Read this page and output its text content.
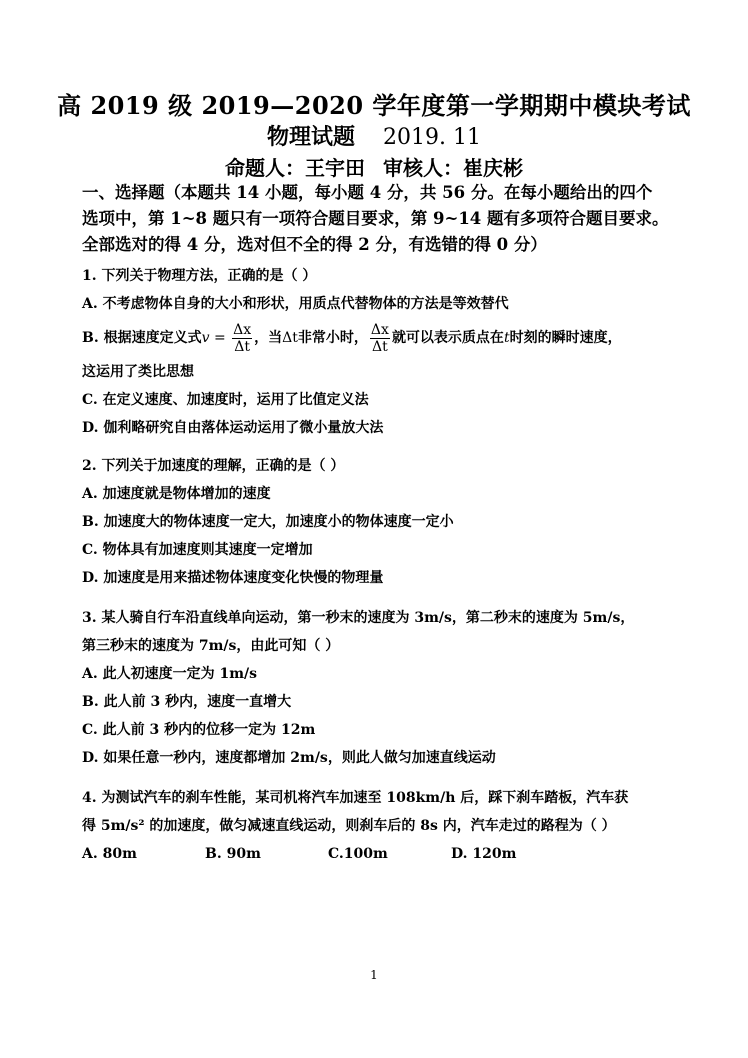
高 2019 级 2019—2020 学年度第一学期期中模块考试
物理试题 2019. 11
命题人：王宇田 审核人：崔庆彬
一、选择题（本题共 14 小题，每小题 4 分，共 56 分。在每小题给出的四个
选项中，第 1~8 题只有一项符合题目要求，第 9~14 题有多项符合题目要求。
全部选对的得 4 分，选对但不全的得 2 分，有选错的得 0 分）
1. 下列关于物理方法，正确的是（ ）
A. 不考虑物体自身的大小和形状，用质点代替物体的方法是等效替代
B. 根据速度定义式$v = \frac{\Delta x}{\Delta t}$ ，当Δt非常小时， $\frac{\Delta x}{\Delta t}$ 就可以表示质点在t时刻的瞬时速度，
这运用了类比思想
C. 在定义速度、加速度时，运用了比值定义法
D. 伽利略研究自由落体运动运用了微小量放大法
2. 下列关于加速度的理解，正确的是（ ）
A. 加速度就是物体增加的速度
B. 加速度大的物体速度一定大，加速度小的物体速度一定小
C. 物体具有加速度则其速度一定增加
D. 加速度是用来描述物体速度变化快慢的物理量
3. 某人骑自行车沿直线单向运动，第一秒末的速度为 3m/s，第二秒末的速度为 5m/s，
第三秒末的速度为 7m/s，由此可知（ ）
A. 此人初速度一定为 1m/s
B. 此人前 3 秒内，速度一直增大
C. 此人前 3 秒内的位移一定为 12m
D. 如果任意一秒内，速度都增加 2m/s，则此人做匀加速直线运动
4. 为测试汽车的刹车性能，某司机将汽车加速至 108km/h 后，踩下刹车踏板，汽车获
得 5m/s² 的加速度，做匀减速直线运动，则刹车后的 8s 内，汽车走过的路程为（ ）
A. 80m	B. 90m	C.100m	D. 120m
1
